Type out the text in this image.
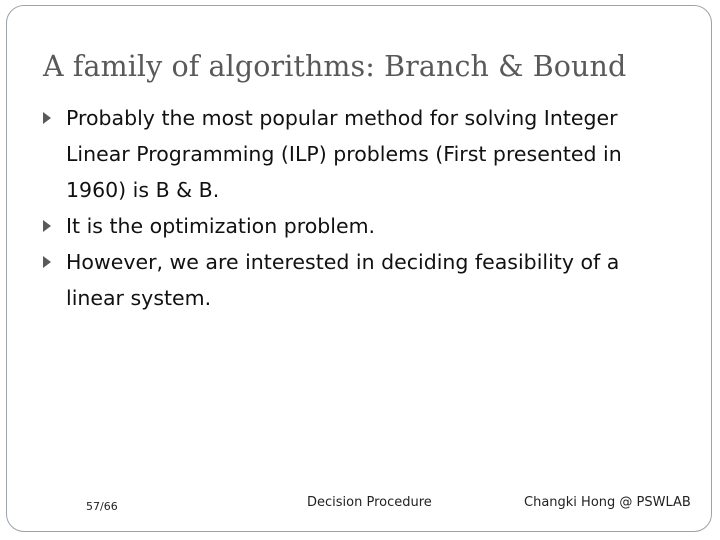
A family of algorithms: Branch & Bound
Probably the most popular method for solving Integer Linear Programming (ILP) problems (First presented in 1960) is B & B.
It is the optimization problem.
However, we are interested in deciding feasibility of a linear system.
57/66	Decision Procedure	Changki Hong @ PSWLAB
